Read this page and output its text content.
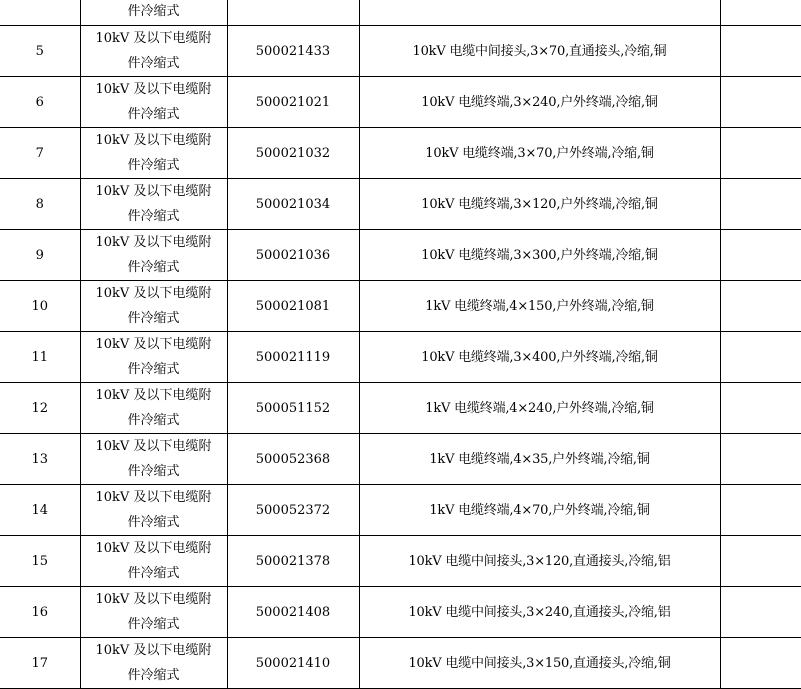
	件冷缩式			

5	10kV 及以下电缆附
件冷缩式	500021433	10kV 电缆中间接头,3×70,直通接头,冷缩,铜	
6	10kV 及以下电缆附
件冷缩式	500021021	10kV 电缆终端,3×240,户外终端,冷缩,铜	
7	10kV 及以下电缆附
件冷缩式	500021032	10kV 电缆终端,3×70,户外终端,冷缩,铜	
8	10kV 及以下电缆附
件冷缩式	500021034	10kV 电缆终端,3×120,户外终端,冷缩,铜	
9	10kV 及以下电缆附
件冷缩式	500021036	10kV 电缆终端,3×300,户外终端,冷缩,铜	
10	10kV 及以下电缆附
件冷缩式	500021081	1kV 电缆终端,4×150,户外终端,冷缩,铜	
11	10kV 及以下电缆附
件冷缩式	500021119	10kV 电缆终端,3×400,户外终端,冷缩,铜	
12	10kV 及以下电缆附
件冷缩式	500051152	1kV 电缆终端,4×240,户外终端,冷缩,铜	
13	10kV 及以下电缆附
件冷缩式	500052368	1kV 电缆终端,4×35,户外终端,冷缩,铜	
14	10kV 及以下电缆附
件冷缩式	500052372	1kV 电缆终端,4×70,户外终端,冷缩,铜	
15	10kV 及以下电缆附
件冷缩式	500021378	10kV 电缆中间接头,3×120,直通接头,冷缩,铝	
16	10kV 及以下电缆附
件冷缩式	500021408	10kV 电缆中间接头,3×240,直通接头,冷缩,铝	
17	10kV 及以下电缆附
件冷缩式	500021410	10kV 电缆中间接头,3×150,直通接头,冷缩,铜	
